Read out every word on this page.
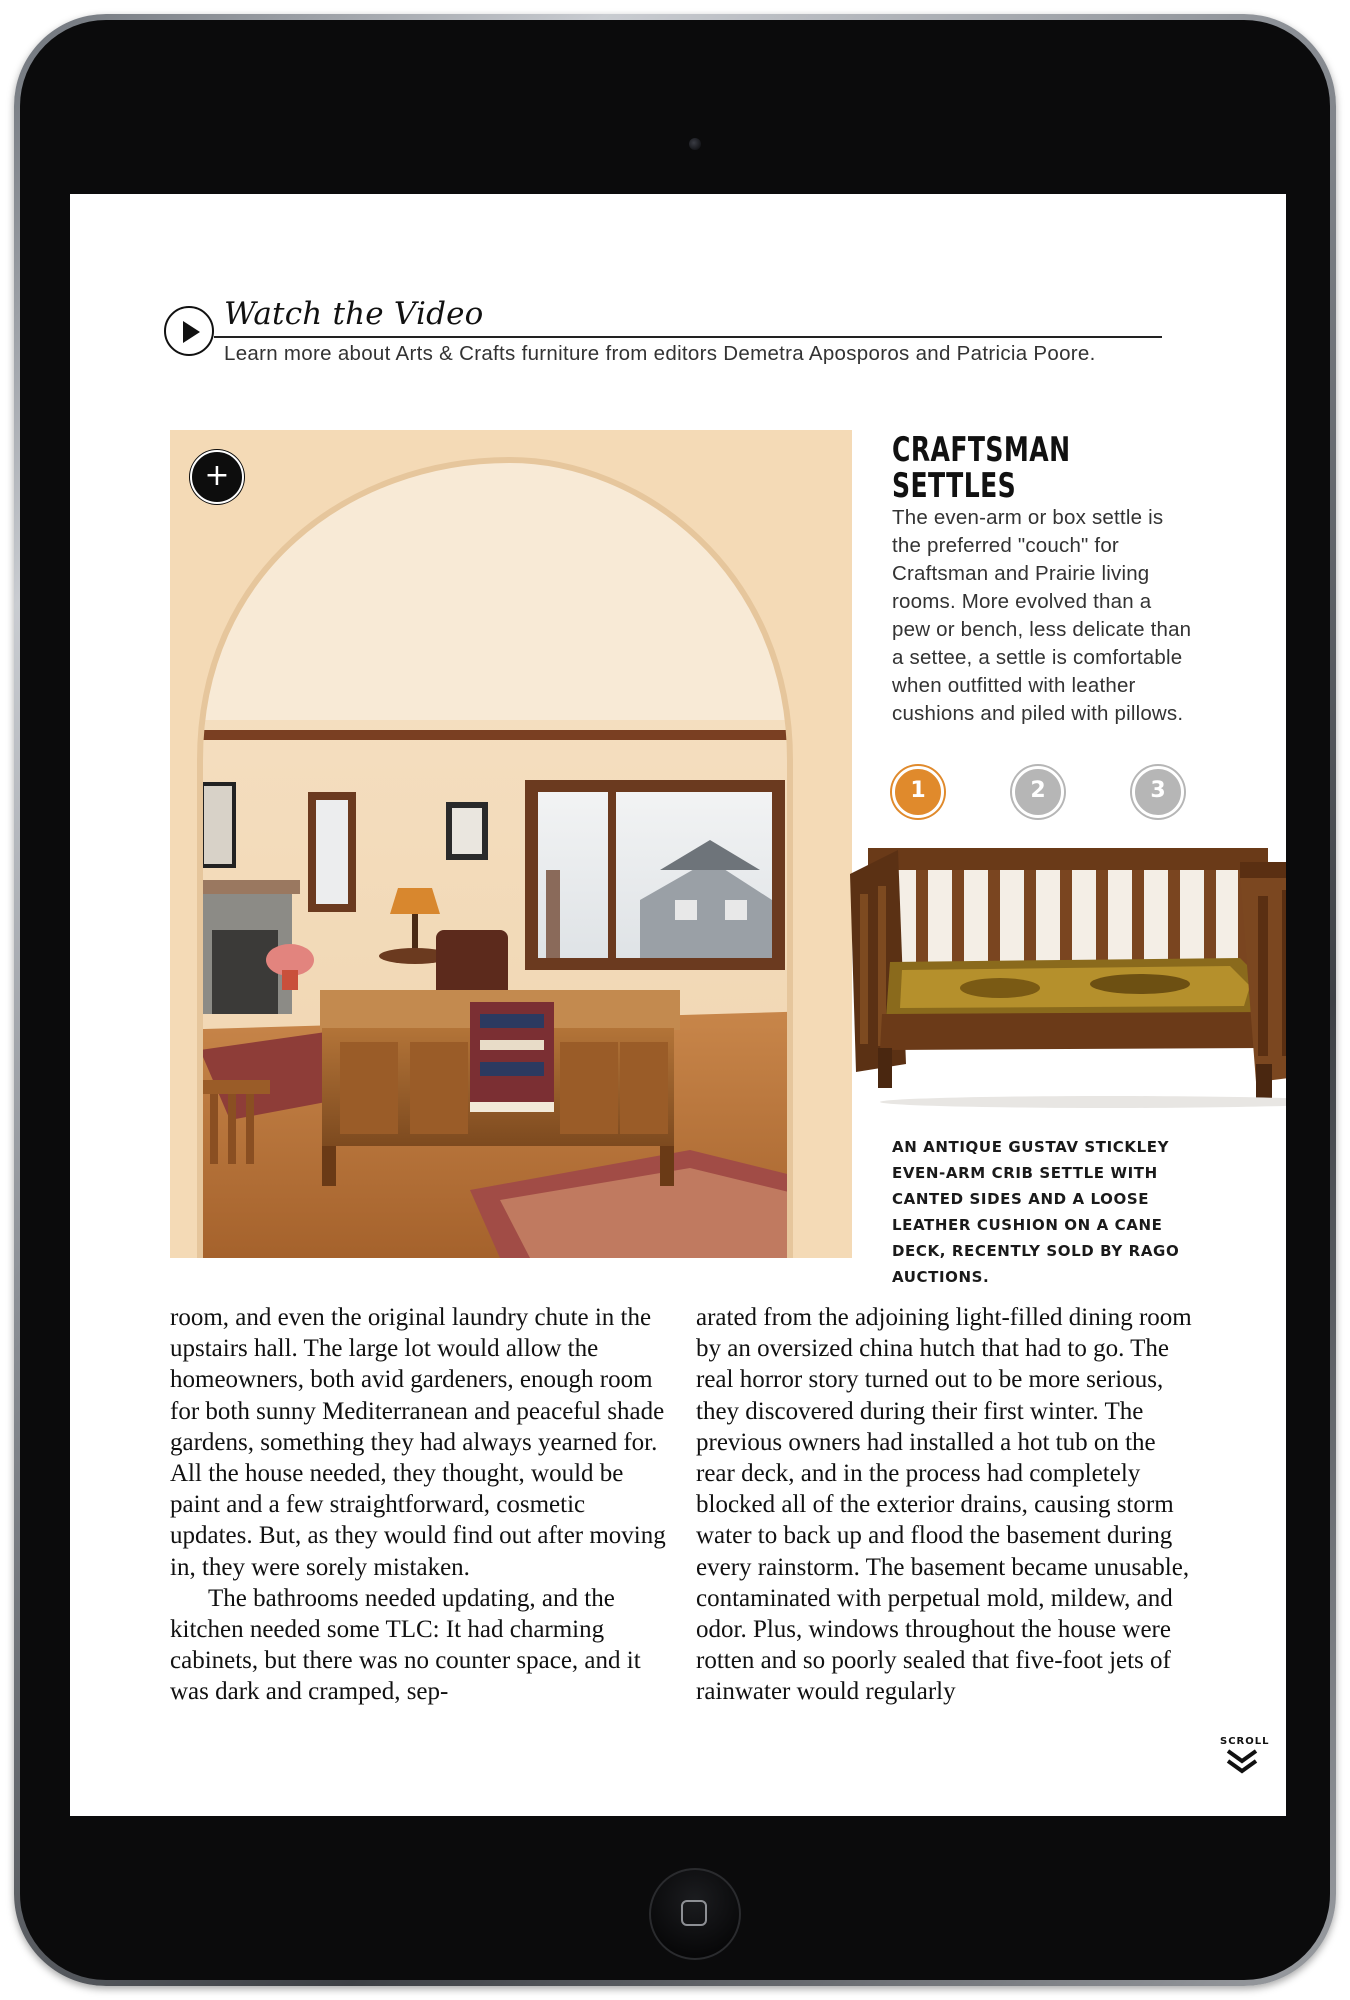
Watch the Video
Learn more about Arts & Crafts furniture from editors Demetra Aposporos and Patricia Poore.
+
CRAFTSMAN SETTLES
The even-arm or box settle is the preferred "couch" for Craftsman and Prairie living rooms. More evolved than a pew or bench, less delicate than a settee, a settle is comfortable when outfitted with leather cushions and piled with pillows.
1	2	3
AN ANTIQUE GUSTAV STICKLEY EVEN-ARM CRIB SETTLE WITH CANTED SIDES AND A LOOSE LEATHER CUSHION ON A CANE DECK, RECENTLY SOLD BY RAGO AUCTIONS.

room, and even the original laundry chute in the upstairs hall. The large lot would allow the homeowners, both avid gardeners, enough room for both sunny Mediterranean and peaceful shade gardens, something they had always yearned for. All the house needed, they thought, would be paint and a few straightforward, cosmetic updates. But, as they would find out after moving in, they were sorely mistaken.

The bathrooms needed updating, and the kitchen needed some TLC: It had charming cabinets, but there was no counter space, and it was dark and cramped, sep-

arated from the adjoining light-filled dining room by an oversized china hutch that had to go. The real horror story turned out to be more serious, they discovered during their first winter. The previous owners had installed a hot tub on the rear deck, and in the process had completely blocked all of the exterior drains, causing storm water to back up and flood the basement during every rainstorm. The basement became unusable, contaminated with perpetual mold, mildew, and odor. Plus, windows throughout the house were rotten and so poorly sealed that five-foot jets of rainwater would regularly

SCROLL
